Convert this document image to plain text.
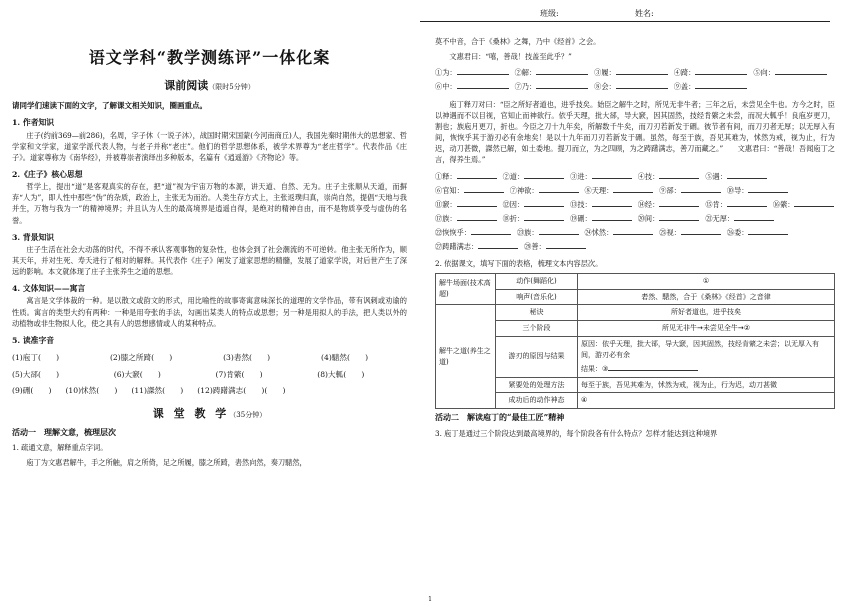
班级:	姓名:
语文学科“教学测练评”一体化案
课前阅读（限时5分钟）
请同学们速读下面的文字，了解课文相关知识，圈画重点。
1. 作者知识

庄子(约前369—前286)，名周，字子休（一说子沐），战国时期宋国蒙(今河南商丘)人，我国先秦时期伟大的思想家、哲学家和文学家，道家学派代表人物，与老子并称“老庄”。他们的哲学思想体系，被学术界尊为“老庄哲学”。代表作品《庄子》。道家尊称为《南华经》，并被尊崇者演绎出多种版本，名篇有《逍遥游》《齐物论》等。

2.《庄子》核心思想

哲学上，提出“道”是客观真实的存在，把“道”视为宇宙万物的本源，讲天道、自然、无为。庄子主张顺从天道，而摒弃“人为”，即人性中那些“伪”的杂质，政治上，主张无为而治。人类生存方式上，主张返璞归真，崇尚自然，提倡“天地与我并生，万物与我为一”的精神境界；并且认为人生的最高境界是逍遥自得，是绝对的精神自由，而不是物质享受与虚伪的名誉。

3. 背景知识

庄子生活在社会大动荡的时代，不得不承认客观事物的复杂性，也体会到了社会潮流的不可逆转。他主张无所作为，顺其天年，并对生死、寿夭进行了相对的解释。其代表作《庄子》阐发了道家思想的精髓，发展了道家学说，对后世产生了深远的影响。本文就体现了庄子主张养生之道的思想。

4. 文体知识——寓言

寓言是文学体裁的一种。是以散文或韵文的形式，用比喻性的故事寄寓意味深长的道理的文学作品，带有讽刺或劝谕的性质。寓言的类型大约有两种：一种是用夸张的手法，勾画出某类人的特点或思想；另一种是用拟人的手法，把人类以外的动植物或非生物拟人化，使之具有人的思想感情或人的某种特点。

5. 读准字音
(1)庖丁(　　)	(2)膝之所踦(　　)	(3)砉然(　　)	(4)騞然(　　)
(5)大郤(　　)	(6)大窾(　　)	(7)肯綮(　　)	(8)大軱(　　)
(9)硎(　　) (10)怵然(　　) (11)謋然(　　) (12)踌躇满志(　　)(　　)
课 堂 教 学（35分钟）
活动一　理解文意，梳理层次
1. 疏通文意，解释重点字词。

庖丁为文惠君解牛，手之所触，肩之所倚，足之所履，膝之所踦，砉然向然，奏刀騞然，

莫不中音，合于《桑林》之舞，乃中《经首》之会。

文惠君曰：“嘻，善哉！技盖至此乎？”

①为：	②解：	③履：	④踦：	⑤向：
⑥中：	⑦乃：	⑧会：	⑨盖：

庖丁释刀对曰：“臣之所好者道也，进乎技矣。始臣之解牛之时，所见无非牛者；三年之后，未尝见全牛也。方今之时，臣以神遇而不以目视，官知止而神欲行。依乎天理，批大郤，导大窾，因其固然，技经肯綮之未尝，而况大軱乎！良庖岁更刀，割也；族庖月更刀，折也。今臣之刀十九年矣，所解数千牛矣，而刀刃若新发于硎。彼节者有间，而刀刃者无厚；以无厚入有间，恢恢乎其于游刃必有余地矣！是以十九年而刀刃若新发于硎。虽然，每至于族，吾见其难为，怵然为戒，视为止，行为迟，动刀甚微，謋然已解，如土委地。提刀而立，为之四顾，为之踌躇满志，善刀而藏之。”　　文惠君曰：“善哉！吾闻庖丁之言，得养生焉。”

①释：	②道：	③进：	④技：	⑤遇：
⑥官知：	⑦神欲：	⑧天理：	⑨郤：	⑩导：
⑪窾：	⑫因：	⑬技：	⑭经：	⑮肯：	⑯綮：
⑰族：	⑱折：	⑲硎：	⑳间：	㉑无厚：
㉒恢恢乎：	㉓族：	㉔怵然：	㉕视：	㉖委：
㉗踌躇满志：	㉘善：
2. 依据课文，填写下面的表格，梳理文本内容层次。
解牛场面(技术高超)	动作(舞蹈化)	①
	响声(音乐化)	砉然、騞然，合于《桑林》《经首》之音律
解牛之道(养生之道)	秘诀	所好者道也，进乎技矣
	三个阶段	所见无非牛→未尝见全牛→②
	游刃的原因与结果	原因：依乎天理，批大郤，导大窾，因其固然，技经肯綮之未尝；以无厚入有间，游刃必有余
结果：③

	紧要处的处理方法	每至于族，吾见其难为，怵然为戒，视为止，行为迟，动刀甚微
	成功后的动作神态	④
活动二　解读庖丁的“最佳工匠”精神
3. 庖丁是通过三个阶段达到最高境界的，每个阶段各有什么特点？怎样才能达到这种境界
1
